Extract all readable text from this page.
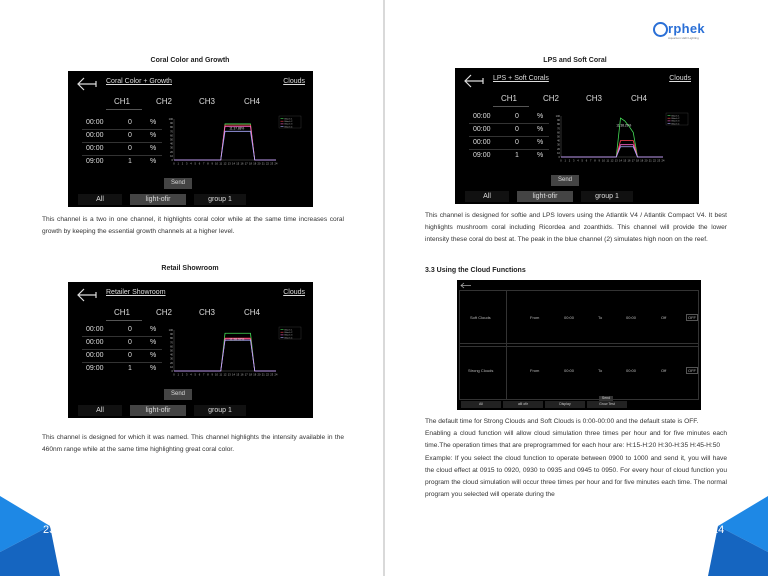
Coral Color and Growth
Coral Color + Growth	Clouds
CH1	CH2	CH3	CH4
00:00	0	%
00:00	0	%
00:00	0	%
09:00	1	%	0
10
20
30
40
50
60
70
80
90
100
0 1 2 3 4 5 6 7 8 9 10 11 12 13 14 15 16 17 18 19 20 21 22 23 24
11:37.88%
Bluish 1
Bluish 2
Bluish 3
Bluish 4
Send
All	light-ofir	group 1
This channel is a two in one channel, it highlights coral color while at the same time increases coral growth by keeping the essential growth channels at a higher level.
Retail Showroom
Retailer Showroom	Clouds
CH1	CH2	CH3	CH4
00:00	0	%
00:00	0	%
00:00	0	%
09:00	1	%	0
10
20
30
40
50
60
70
80
90
100
0 1 2 3 4 5 6 7 8 9 10 11 12 13 14 15 16 17 18 19 20 21 22 23 24
11:38.92%
Bluish 1
Bluish 2
Bluish 3
Bluish 4
Send
All	light-ofir	group 1
This channel is designed for which it was named. This channel highlights the intensity available in the 460nm range while at the same time highlighting great coral color.
23
LPS and Soft Coral
LPS + Soft Corals	Clouds
CH1	CH2	CH3	CH4
00:00	0	%
00:00	0	%
00:00	0	%
09:00	1	%	0
10
20
30
40
50
60
70
80
90
100
0 1 2 3 4 5 6 7 8 9 10 11 12 13 14 15 16 17 18 19 20 21 22 23 24
11:38.29%
Bluish 1
Bluish 2
Bluish 3
Bluish 4
Send
All	light-ofir	group 1
This channel is designed for softie and LPS lovers using the Atlantik V4 / Atlantik Compact V4. It best highlights mushroom coral including Ricordea and zoanthids. This channel will provide the lower intensity these coral do best at. The peak in the blue channel (2) simulates high noon on the reef.
3.3 Using the Cloud Functions

The default time for Strong Clouds and Soft Clouds is 0:00-00:00 and the default state is OFF.

Enabling a cloud function will allow cloud simulation three times per hour and for five minutes each time.The operation times that are preprogrammed for each hour are: H:15-H:20 H:30-H:35 H:45-H:50

Example: If you select the cloud function to operate between 0900 to 1000 and send it, you will have the cloud effect at 0915 to 0920, 0930 to 0935 and 0945 to 0950. For every hour of cloud function you program the cloud simulation will occur three times per hour and for five minutes each time. The normal program you selected will operate during the

24
Soft Clouds	From	00:00	To	00:00	Off	OFF
Strong Clouds	From	00:00	To	00:00	Off	OFF
Send
All	alll ofir	Display	Grow Test
rphek
Aquarium LED Lighting
